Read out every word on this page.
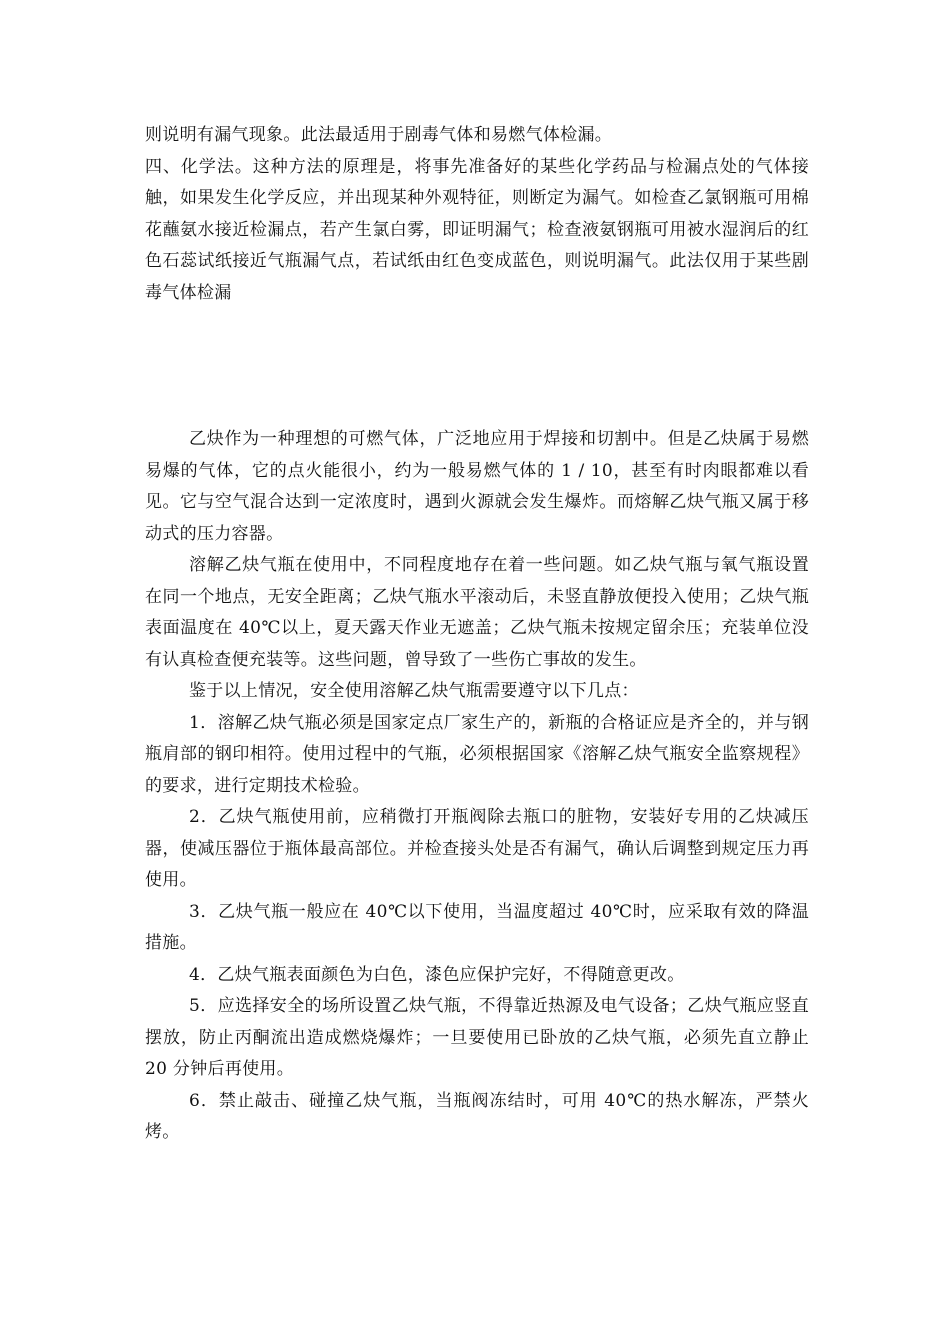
则说明有漏气现象。此法最适用于剧毒气体和易燃气体检漏。

四、化学法。这种方法的原理是，将事先准备好的某些化学药品与检漏点处的气体接触，如果发生化学反应，并出现某种外观特征，则断定为漏气。如检查乙氯钢瓶可用棉花蘸氨水接近检漏点，若产生氯白雾，即证明漏气；检查液氨钢瓶可用被水湿润后的红色石蕊试纸接近气瓶漏气点，若试纸由红色变成蓝色，则说明漏气。此法仅用于某些剧毒气体检漏

乙炔作为一种理想的可燃气体，广泛地应用于焊接和切割中。但是乙炔属于易燃易爆的气体，它的点火能很小，约为一般易燃气体的 1 / 10，甚至有时肉眼都难以看见。它与空气混合达到一定浓度时，遇到火源就会发生爆炸。而熔解乙炔气瓶又属于移动式的压力容器。

溶解乙炔气瓶在使用中，不同程度地存在着一些问题。如乙炔气瓶与氧气瓶设置在同一个地点，无安全距离；乙炔气瓶水平滚动后，未竖直静放便投入使用；乙炔气瓶表面温度在 40℃以上，夏天露天作业无遮盖；乙炔气瓶未按规定留余压；充装单位没有认真检查便充装等。这些问题，曾导致了一些伤亡事故的发生。

鉴于以上情况，安全使用溶解乙炔气瓶需要遵守以下几点：

1．溶解乙炔气瓶必须是国家定点厂家生产的，新瓶的合格证应是齐全的，并与钢瓶肩部的钢印相符。使用过程中的气瓶，必须根据国家《溶解乙炔气瓶安全监察规程》的要求，进行定期技术检验。

2．乙炔气瓶使用前，应稍微打开瓶阀除去瓶口的脏物，安装好专用的乙炔减压器，使减压器位于瓶体最高部位。并检查接头处是否有漏气，确认后调整到规定压力再使用。

3．乙炔气瓶一般应在 40℃以下使用，当温度超过 40℃时，应采取有效的降温措施。

4．乙炔气瓶表面颜色为白色，漆色应保护完好，不得随意更改。

5．应选择安全的场所设置乙炔气瓶，不得靠近热源及电气设备；乙炔气瓶应竖直摆放，防止丙酮流出造成燃烧爆炸；一旦要使用已卧放的乙炔气瓶，必须先直立静止 20 分钟后再使用。

6．禁止敲击、碰撞乙炔气瓶，当瓶阀冻结时，可用 40℃的热水解冻，严禁火烤。
